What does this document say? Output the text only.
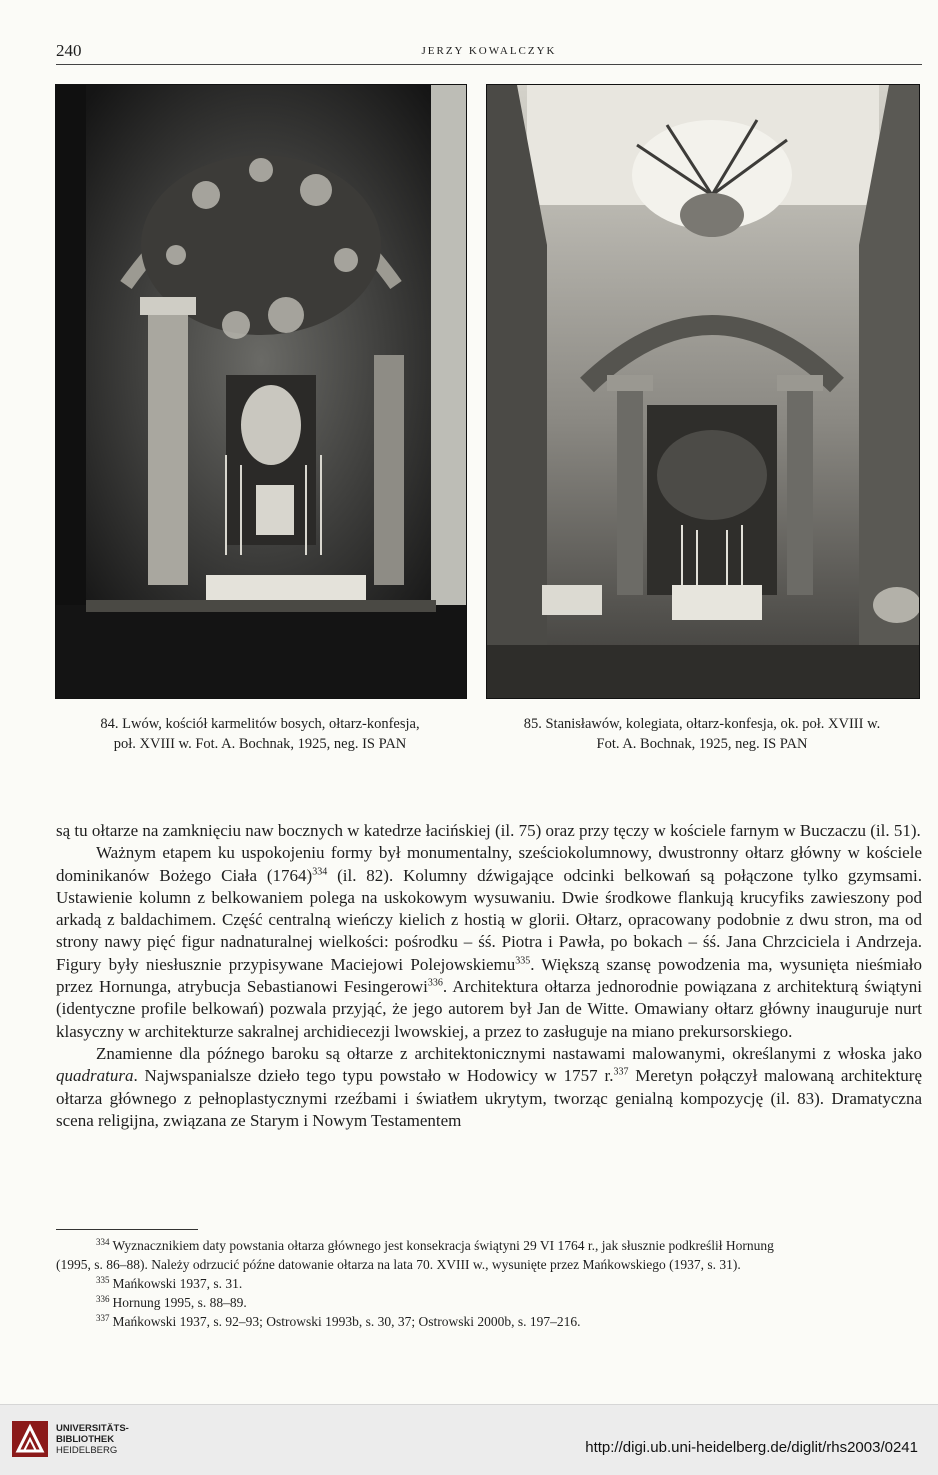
240	JERZY KOWALCZYK
84. Lwów, kościół karmelitów bosych, ołtarz-konfesja,
poł. XVIII w. Fot. A. Bochnak, 1925, neg. IS PAN
85. Stanisławów, kolegiata, ołtarz-konfesja, ok. poł. XVIII w.
Fot. A. Bochnak, 1925, neg. IS PAN

są tu ołtarze na zamknięciu naw bocznych w katedrze łacińskiej (il. 75) oraz przy tęczy w kościele farnym w Buczaczu (il. 51).

Ważnym etapem ku uspokojeniu formy był monumentalny, sześciokolumnowy, dwustronny ołtarz główny w kościele dominikanów Bożego Ciała $(1764)^{334}$ (il. 82). Kolumny dźwigające odcinki belkowań są połączone tylko gzymsami. Ustawienie kolumn z belkowaniem polega na uskokowym wysuwaniu. Dwie środkowe flankują krucyfiks zawieszony pod arkadą z baldachimem. Część centralną wieńczy kielich z hostią w glorii. Ołtarz, opracowany podobnie z dwu stron, ma od strony nawy pięć figur nadnaturalnej wielkości: pośrodku – śś. Piotra i Pawła, po bokach – śś. Jana Chrzciciela i Andrzeja. Figury były niesłusznie przypisywane Maciejowi Polejowskiemu$^{335}$. Większą szansę powodzenia ma, wysunięta nieśmiało przez Hornunga, atrybucja Sebastianowi Fesingerowi$^{336}$. Architektura ołtarza jednorodnie powiązana z architekturą świątyni (identyczne profile belkowań) pozwala przyjąć, że jego autorem był Jan de Witte. Omawiany ołtarz główny inauguruje nurt klasyczny w architekturze sakralnej archidiecezji lwowskiej, a przez to zasługuje na miano prekursorskiego.

Znamienne dla późnego baroku są ołtarze z architektonicznymi nastawami malowanymi, określanymi z włoska jako quadratura. Najwspanialsze dzieło tego typu powstało w Hodowicy w 1757 r.$^{337}$ Meretyn połączył malowaną architekturę ołtarza głównego z pełnoplastycznymi rzeźbami i światłem ukrytym, tworząc genialną kompozycję (il. 83). Dramatyczna scena religijna, związana ze Starym i Nowym Testamentem

$^{334}$ Wyznacznikiem daty powstania ołtarza głównego jest konsekracja świątyni 29 VI 1764 r., jak słusznie podkreślił Hornung
(1995, s. 86–88). Należy odrzucić późne datowanie ołtarza na lata 70. XVIII w., wysunięte przez Mańkowskiego (1937, s. 31).
$^{335}$ Mańkowski 1937, s. 31.
$^{336}$ Hornung 1995, s. 88–89.
$^{337}$ Mańkowski 1937, s. 92–93; Ostrowski 1993b, s. 30, 37; Ostrowski 2000b, s. 197–216.
UNIVERSITÄTS-
BIBLIOTHEK
HEIDELBERG	http://digi.ub.uni-heidelberg.de/diglit/rhs2003/0241
